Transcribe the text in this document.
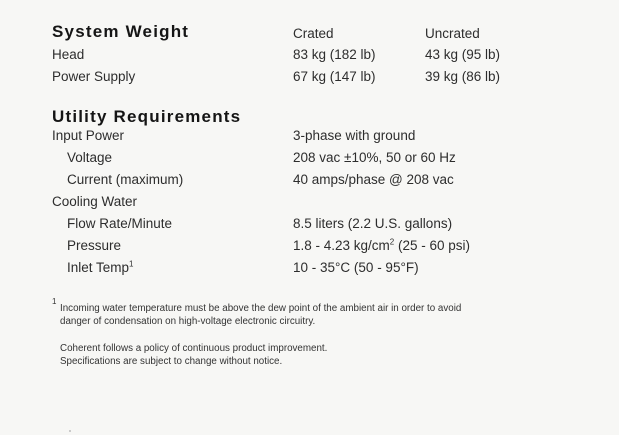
System Weight	Crated	Uncrated
Head	83 kg (182 lb)	43 kg (95 lb)
Power Supply	67 kg (147 lb)	39 kg (86 lb)
Utility Requirements
Input Power	3-phase with ground
Voltage	208 vac ±10%, 50 or 60 Hz
Current (maximum)	40 amps/phase @ 208 vac
Cooling Water
Flow Rate/Minute	8.5 liters (2.2 U.S. gallons)
Pressure	1.8 - 4.23 $kg/cm^2$ (25 - 60 psi)
Inlet Temp$^1$	10 - 35°C (50 - 95°F)
1
Incoming water temperature must be above the dew point of the ambient air in order to avoid
danger of condensation on high-voltage electronic circuitry.
Coherent follows a policy of continuous product improvement.
Specifications are subject to change without notice.
